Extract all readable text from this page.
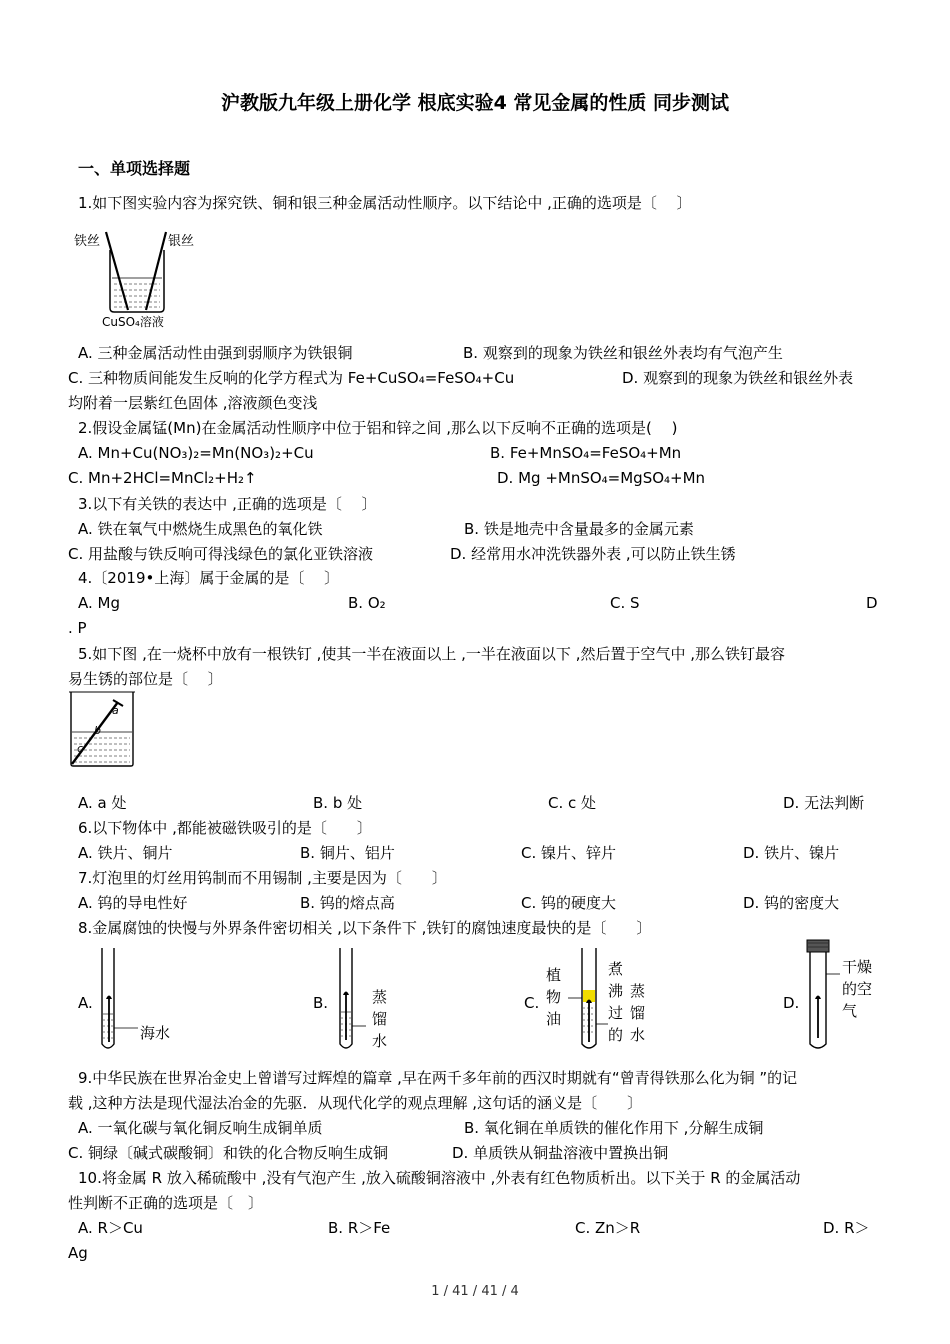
沪教版九年级上册化学 根底实验4 常见金属的性质 同步测试
一、单项选择题
1.如下图实验内容为探究铁、铜和银三种金属活动性顺序。以下结论中 ,正确的选项是〔　 〕
铁丝	银丝
CuSO₄溶液
A. 三种金属活动性由强到弱顺序为铁银铜	B. 观察到的现象为铁丝和银丝外表均有气泡产生
C. 三种物质间能发生反响的化学方程式为 Fe+CuSO₄=FeSO₄+Cu	D. 观察到的现象为铁丝和银丝外表
均附着一层紫红色固体 ,溶液颜色变浅
2.假设金属锰(Mn)在金属活动性顺序中位于铝和锌之间 ,那么以下反响不正确的选项是(　 )
A. Mn+Cu(NO₃)₂=Mn(NO₃)₂+Cu	B. Fe+MnSO₄=FeSO₄+Mn
C. Mn+2HCl=MnCl₂+H₂↑	D. Mg +MnSO₄=MgSO₄+Mn
3.以下有关铁的表达中 ,正确的选项是〔　 〕
A. 铁在氧气中燃烧生成黑色的氧化铁	B. 铁是地壳中含量最多的金属元素
C. 用盐酸与铁反响可得浅绿色的氯化亚铁溶液	D. 经常用水冲洗铁器外表 ,可以防止铁生锈
4.〔2019•上海〕属于金属的是〔　 〕
A. Mg	B. O₂	C. S	D
. P
5.如下图 ,在一烧杯中放有一根铁钉 ,使其一半在液面以上 ,一半在液面以下 ,然后置于空气中 ,那么铁钉最容
易生锈的部位是〔　 〕
a
b
c
A. a 处	B. b 处	C. c 处	D. 无法判断
6.以下物体中 ,都能被磁铁吸引的是〔　　〕
A. 铁片、铜片	B. 铜片、铝片	C. 镍片、锌片	D. 铁片、镍片
7.灯泡里的灯丝用钨制而不用锡制 ,主要是因为〔　　〕
A. 钨的导电性好	B. 钨的熔点高	C. 钨的硬度大	D. 钨的密度大
8.金属腐蚀的快慢与外界条件密切相关 ,以下条件下 ,铁钉的腐蚀速度最快的是〔　　〕
A.
海水
B.	蒸
馏
水
C.
植
物
油
煮
沸
过
的
蒸
馏
水
D.
干燥
的空
气
9.中华民族在世界冶金史上曾谱写过辉煌的篇章 ,早在两千多年前的西汉时期就有“曾青得铁那么化为铜 ”的记
载 ,这种方法是现代湿法冶金的先驱．从现代化学的观点理解 ,这句话的涵义是〔　　〕
A. 一氧化碳与氧化铜反响生成铜单质	B. 氧化铜在单质铁的催化作用下 ,分解生成铜
C. 铜绿〔碱式碳酸铜〕和铁的化合物反响生成铜	D. 单质铁从铜盐溶液中置换出铜
10.将金属 R 放入稀硫酸中 ,没有气泡产生 ,放入硫酸铜溶液中 ,外表有红色物质析出。以下关于 R 的金属活动
性判断不正确的选项是〔　〕
A. R＞Cu	B. R＞Fe	C. Zn＞R	D. R＞
Ag
1 / 41 / 41 / 4
